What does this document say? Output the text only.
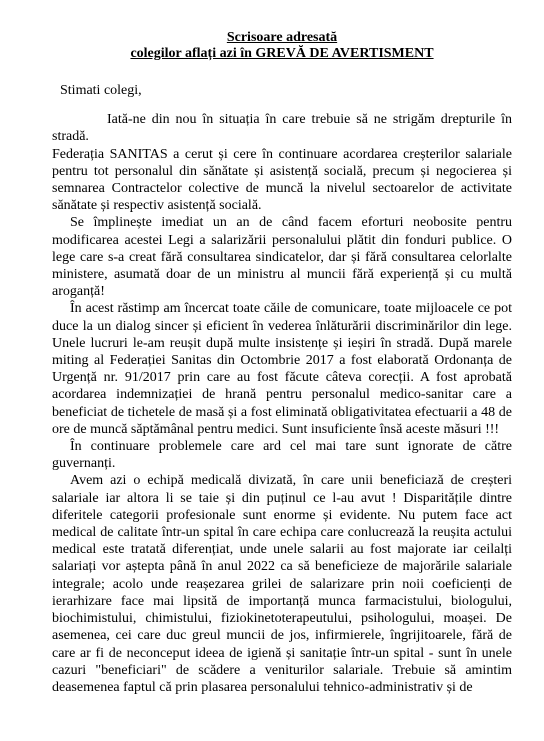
Scrisoare adresată
colegilor aflați azi în GREVĂ DE AVERTISMENT

Stimati colegi,

Iată-ne din nou în situația în care trebuie să ne strigăm drepturile în stradă.

Federația SANITAS a cerut și cere în continuare acordarea creșterilor salariale pentru tot personalul din sănătate și asistență socială, precum și negocierea și semnarea Contractelor colective de muncă la nivelul sectoarelor de activitate sănătate și respectiv asistență socială.

Se împlinește imediat un an de când facem eforturi neobosite pentru modificarea acestei Legi a salarizării personalului plătit din fonduri publice. O lege care s-a creat fără consultarea sindicatelor, dar și fără consultarea celorlalte ministere, asumată doar de un ministru al muncii fără experiență și cu multă aroganță!

În acest răstimp am încercat toate căile de comunicare, toate mijloacele ce pot duce la un dialog sincer și eficient în vederea înlăturării discriminărilor din lege. Unele lucruri le-am reușit după multe insistențe și ieșiri în stradă. După marele miting al Federației Sanitas din Octombrie 2017 a fost elaborată Ordonanța de Urgență nr. 91/2017 prin care au fost făcute câteva corecții. A fost aprobată acordarea indemnizației de hrană pentru personalul medico-sanitar care a beneficiat de tichetele de masă și a fost eliminată obligativitatea efectuarii a 48 de ore de muncă săptămânal pentru medici. Sunt insuficiente însă aceste măsuri !!!

În continuare problemele care ard cel mai tare sunt ignorate de către guvernanți.

Avem azi o echipă medicală divizată, în care unii beneficiază de creșteri salariale iar altora li se taie și din puținul ce l-au avut ! Disparitățile dintre diferitele categorii profesionale sunt enorme și evidente. Nu putem face act medical de calitate într-un spital în care echipa care conlucrează la reușita actului medical este tratată diferențiat, unde unele salarii au fost majorate iar ceilalți salariați vor aștepta până în anul 2022 ca să beneficieze de majorările salariale integrale; acolo unde reașezarea grilei de salarizare prin noii coeficienți de ierarhizare face mai lipsită de importanță munca farmacistului, biologului, biochimistului, chimistului, fiziokinetoterapeutului, psihologului, moașei. De asemenea, cei care duc greul muncii de jos, infirmierele, îngrijitoarele, fără de care ar fi de neconceput ideea de igienă și sanitație într-un spital - sunt în unele cazuri "beneficiari" de scădere a veniturilor salariale. Trebuie să amintim deasemenea faptul că prin plasarea personalului tehnico-administrativ și de
